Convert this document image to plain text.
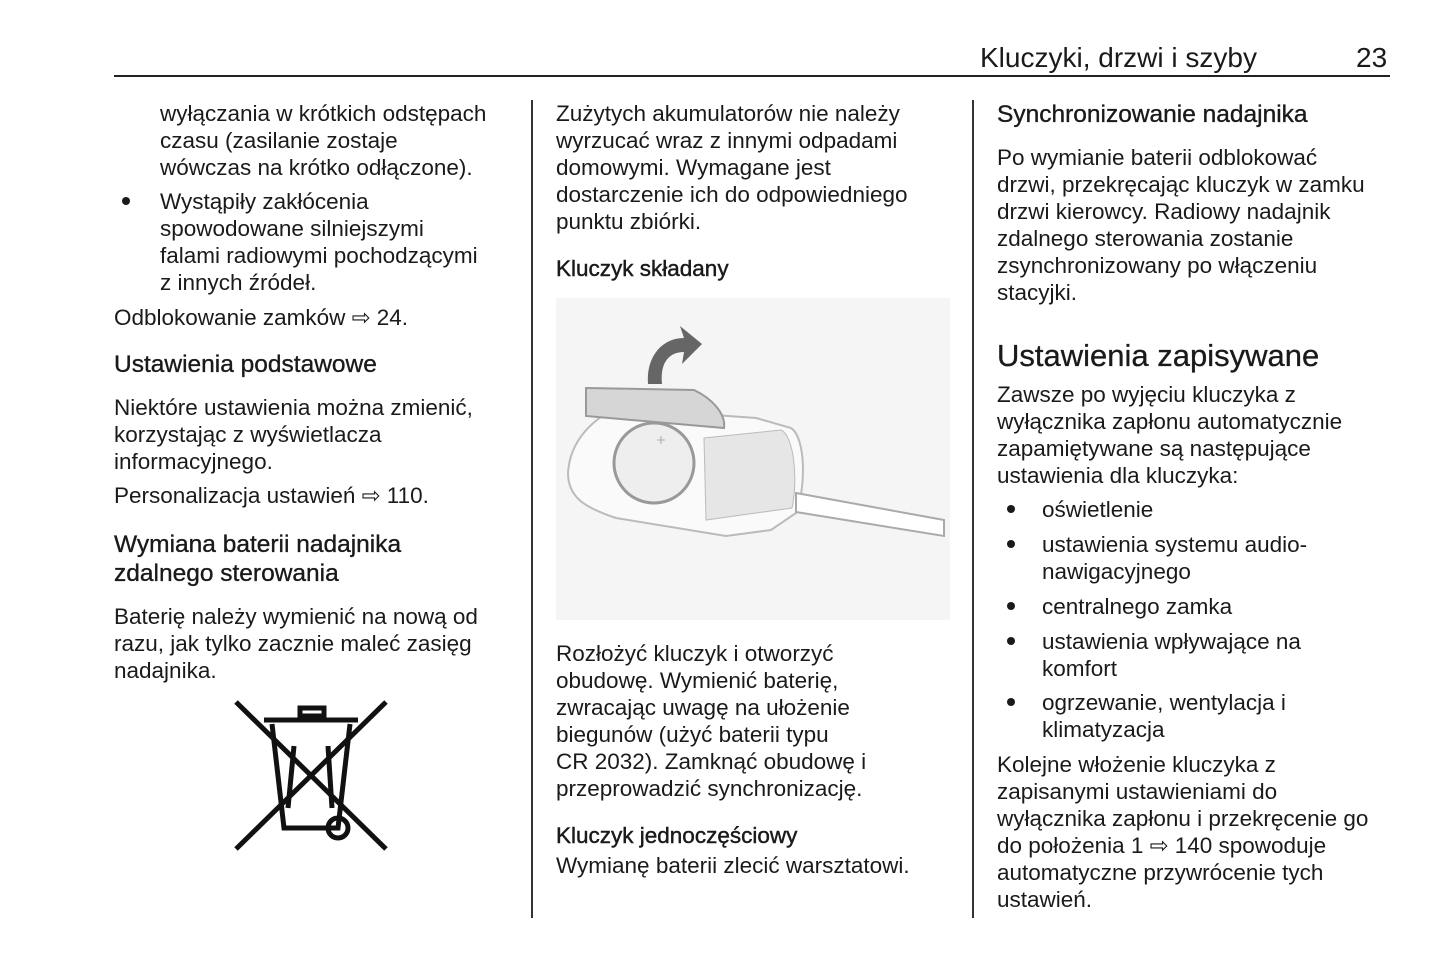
Kluczyki, drzwi i szyby	23
wyłączania w krótkich odstępach
czasu (zasilanie zostaje
wówczas na krótko odłączone).
Wystąpiły zakłócenia
spowodowane silniejszymi
falami radiowymi pochodzącymi
z innych źródeł.
Odblokowanie zamków ⇨ 24.
Ustawienia podstawowe
Niektóre ustawienia można zmienić,
korzystając z wyświetlacza
informacyjnego.
Personalizacja ustawień ⇨ 110.
Wymiana baterii nadajnika
zdalnego sterowania
Baterię należy wymienić na nową od
razu, jak tylko zacznie maleć zasięg
nadajnika.
Zużytych akumulatorów nie należy
wyrzucać wraz z innymi odpadami
domowymi. Wymagane jest
dostarczenie ich do odpowiedniego
punktu zbiórki.
Kluczyk składany
+
Rozłożyć kluczyk i otworzyć
obudowę. Wymienić baterię,
zwracając uwagę na ułożenie
biegunów (użyć baterii typu
CR 2032). Zamknąć obudowę i
przeprowadzić synchronizację.
Kluczyk jednoczęściowy
Wymianę baterii zlecić warsztatowi.
Synchronizowanie nadajnika
Po wymianie baterii odblokować
drzwi, przekręcając kluczyk w zamku
drzwi kierowcy. Radiowy nadajnik
zdalnego sterowania zostanie
zsynchronizowany po włączeniu
stacyjki.
Ustawienia zapisywane
Zawsze po wyjęciu kluczyka z
wyłącznika zapłonu automatycznie
zapamiętywane są następujące
ustawienia dla kluczyka:
oświetlenie
ustawienia systemu audio-
nawigacyjnego
centralnego zamka
ustawienia wpływające na
komfort
ogrzewanie, wentylacja i
klimatyzacja
Kolejne włożenie kluczyka z
zapisanymi ustawieniami do
wyłącznika zapłonu i przekręcenie go
do położenia 1 ⇨ 140 spowoduje
automatyczne przywrócenie tych
ustawień.
